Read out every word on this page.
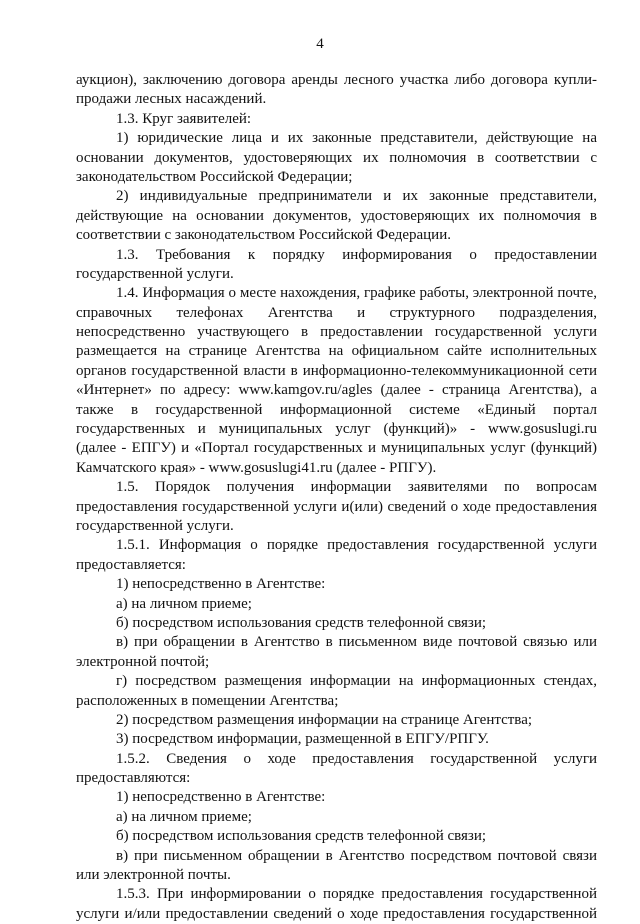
4
аукцион), заключению договора аренды лесного участка либо договора купли-
продажи лесных насаждений.
1.3. Круг заявителей:
1) юридические лица и их законные представители, действующие на
основании документов, удостоверяющих их полномочия в соответствии с
законодательством Российской Федерации;
2) индивидуальные предприниматели и их законные представители,
действующие на основании документов, удостоверяющих их полномочия в
соответствии с законодательством Российской Федерации.
1.3. Требования к порядку информирования о предоставлении
государственной услуги.
1.4. Информация о месте нахождения, графике работы, электронной почте,
справочных телефонах Агентства и структурного подразделения,
непосредственно участвующего в предоставлении государственной услуги
размещается на странице Агентства на официальном сайте исполнительных
органов государственной власти в информационно-телекоммуникационной сети
«Интернет» по адресу: www.kamgov.ru/agles (далее - страница Агентства), а
также в государственной информационной системе «Единый портал
государственных и муниципальных услуг (функций)» - www.gosuslugi.ru
(далее - ЕПГУ) и «Портал государственных и муниципальных услуг (функций)
Камчатского края» - www.gosuslugi41.ru (далее - РПГУ).
1.5. Порядок получения информации заявителями по вопросам
предоставления государственной услуги и(или) сведений о ходе предоставления
государственной услуги.
1.5.1. Информация о порядке предоставления государственной услуги
предоставляется:
1) непосредственно в Агентстве:
а) на личном приеме;
б) посредством использования средств телефонной связи;
в) при обращении в Агентство в письменном виде почтовой связью или
электронной почтой;
г) посредством размещения информации на информационных стендах,
расположенных в помещении Агентства;
2) посредством размещения информации на странице Агентства;
3) посредством информации, размещенной в ЕПГУ/РПГУ.
1.5.2. Сведения о ходе предоставления государственной услуги
предоставляются:
1) непосредственно в Агентстве:
а) на личном приеме;
б) посредством использования средств телефонной связи;
в) при письменном обращении в Агентство посредством почтовой связи
или электронной почты.
1.5.3. При информировании о порядке предоставления государственной
услуги и/или предоставлении сведений о ходе предоставления государственной
